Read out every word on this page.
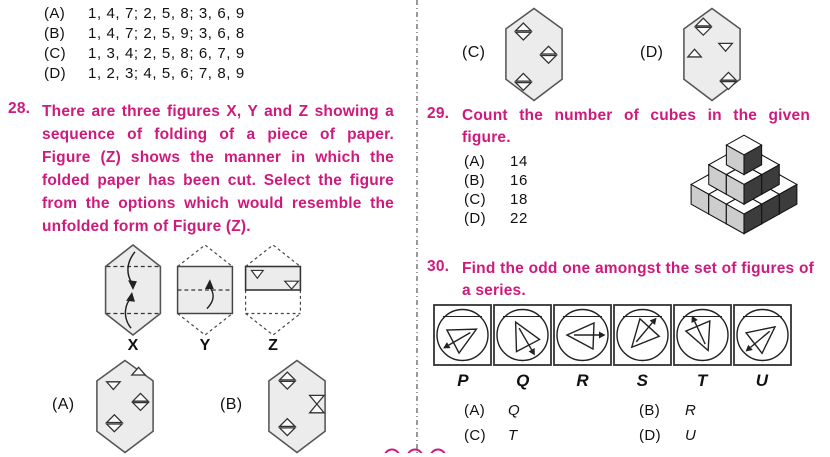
(A) 1, 4, 7; 2, 5, 8; 3, 6, 9
(B) 1, 4, 7; 2, 5, 9; 3, 6, 8
(C) 1, 3, 4; 2, 5, 8; 6, 7, 9
(D) 1, 2, 3; 4, 5, 6; 7, 8, 9
28. There are three figures X, Y and Z showing a sequence of folding of a piece of paper. Figure (Z) shows the manner in which the folded paper has been cut. Select the figure from the options which would resemble the unfolded form of Figure (Z).
X	Y	Z
(A)	(B)
(C)	(D)
29. Count the number of cubes in the given figure.
(A) 14
(B) 16
(C) 18
(D) 22
30. Find the odd one amongst the set of figures of a series.
P	Q	R	S	T	U
(A) Q	(B) R
(C) T	(D) U
